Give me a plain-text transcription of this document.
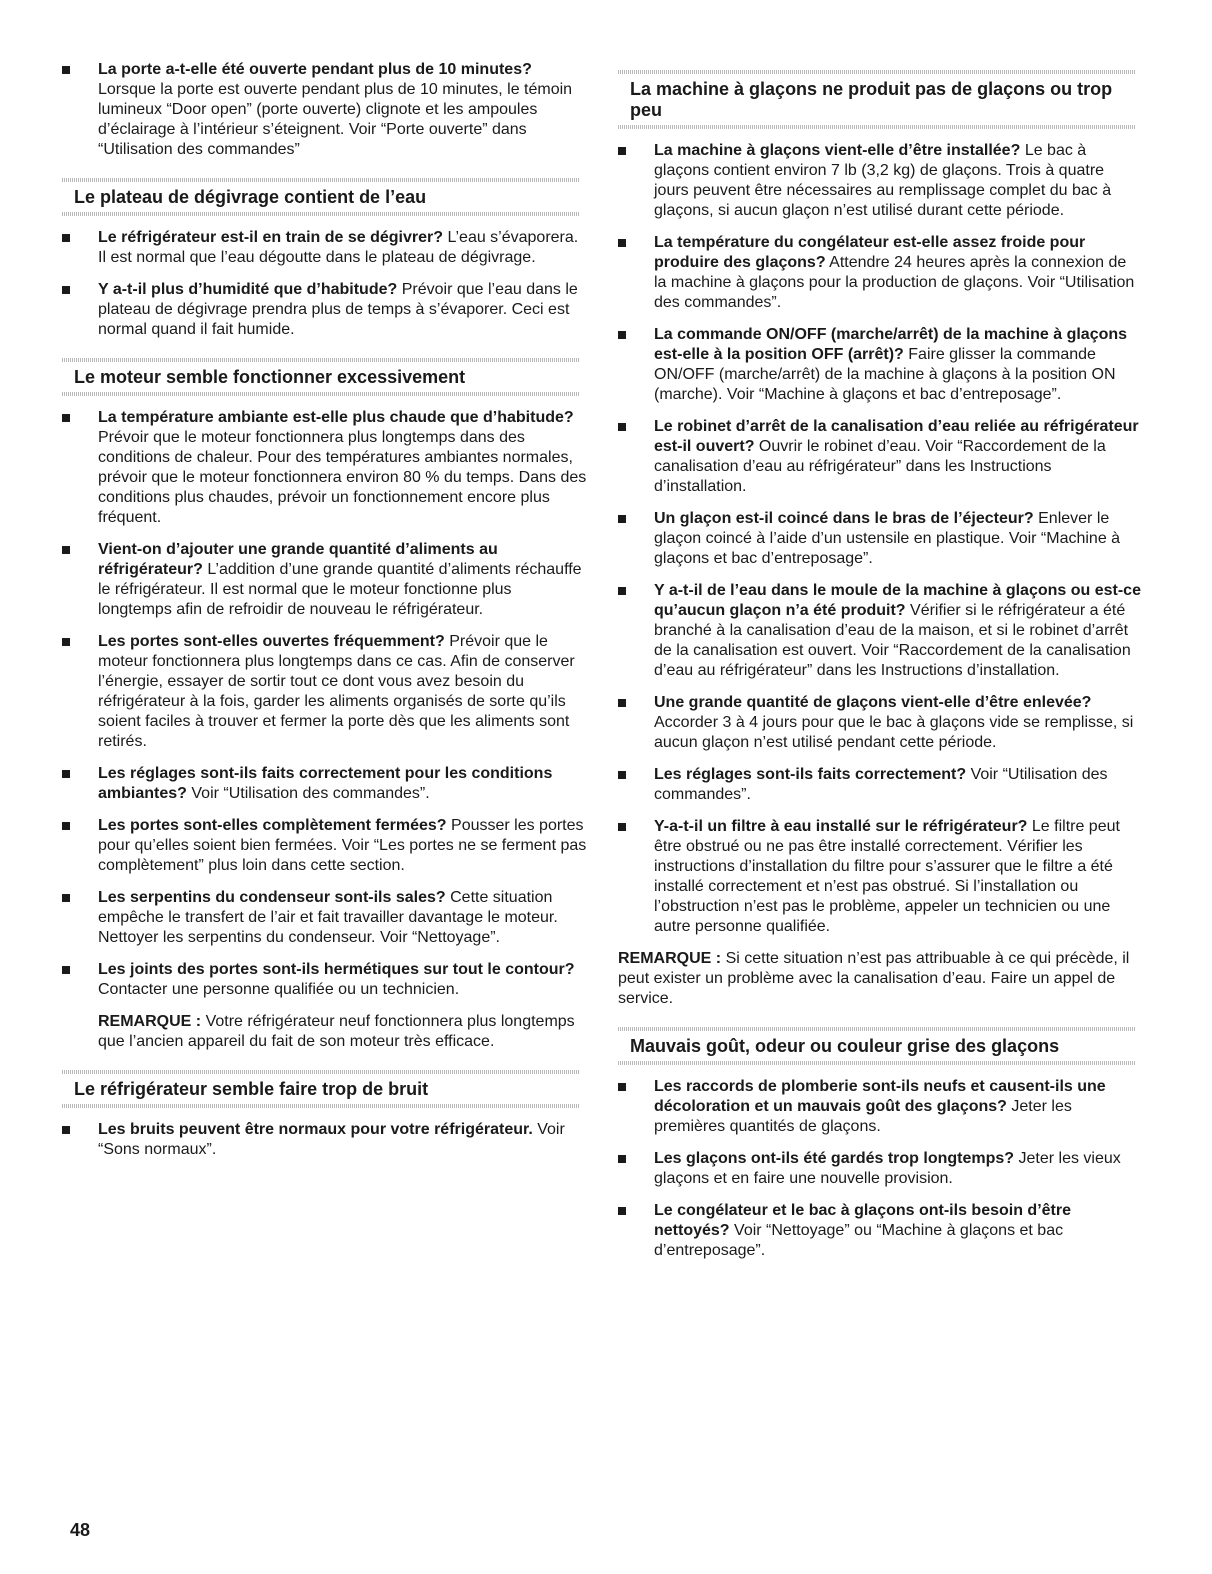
La porte a-t-elle été ouverte pendant plus de 10 minutes? Lorsque la porte est ouverte pendant plus de 10 minutes, le témoin lumineux “Door open” (porte ouverte) clignote et les ampoules d’éclairage à l’intérieur s’éteignent. Voir “Porte ouverte” dans “Utilisation des commandes”
Le plateau de dégivrage contient de l’eau
Le réfrigérateur est-il en train de se dégivrer? L’eau s’évaporera. Il est normal que l’eau dégoutte dans le plateau de dégivrage.
Y a-t-il plus d’humidité que d’habitude? Prévoir que l’eau dans le plateau de dégivrage prendra plus de temps à s’évaporer. Ceci est normal quand il fait humide.
Le moteur semble fonctionner excessivement
La température ambiante est-elle plus chaude que d’habitude? Prévoir que le moteur fonctionnera plus longtemps dans des conditions de chaleur. Pour des températures ambiantes normales, prévoir que le moteur fonctionnera environ 80 % du temps. Dans des conditions plus chaudes, prévoir un fonctionnement encore plus fréquent.
Vient-on d’ajouter une grande quantité d’aliments au réfrigérateur? L’addition d’une grande quantité d’aliments réchauffe le réfrigérateur. Il est normal que le moteur fonctionne plus longtemps afin de refroidir de nouveau le réfrigérateur.
Les portes sont-elles ouvertes fréquemment? Prévoir que le moteur fonctionnera plus longtemps dans ce cas. Afin de conserver l’énergie, essayer de sortir tout ce dont vous avez besoin du réfrigérateur à la fois, garder les aliments organisés de sorte qu’ils soient faciles à trouver et fermer la porte dès que les aliments sont retirés.
Les réglages sont-ils faits correctement pour les conditions ambiantes? Voir “Utilisation des commandes”.
Les portes sont-elles complètement fermées? Pousser les portes pour qu’elles soient bien fermées. Voir “Les portes ne se ferment pas complètement” plus loin dans cette section.
Les serpentins du condenseur sont-ils sales? Cette situation empêche le transfert de l’air et fait travailler davantage le moteur. Nettoyer les serpentins du condenseur. Voir “Nettoyage”.
Les joints des portes sont-ils hermétiques sur tout le contour? Contacter une personne qualifiée ou un technicien.
REMARQUE : Votre réfrigérateur neuf fonctionnera plus longtemps que l’ancien appareil du fait de son moteur très efficace.
Le réfrigérateur semble faire trop de bruit
Les bruits peuvent être normaux pour votre réfrigérateur. Voir “Sons normaux”.
La machine à glaçons ne produit pas de glaçons ou trop peu
La machine à glaçons vient-elle d’être installée? Le bac à glaçons contient environ 7 lb (3,2 kg) de glaçons. Trois à quatre jours peuvent être nécessaires au remplissage complet du bac à glaçons, si aucun glaçon n’est utilisé durant cette période.
La température du congélateur est-elle assez froide pour produire des glaçons? Attendre 24 heures après la connexion de la machine à glaçons pour la production de glaçons. Voir “Utilisation des commandes”.
La commande ON/OFF (marche/arrêt) de la machine à glaçons est-elle à la position OFF (arrêt)? Faire glisser la commande ON/OFF (marche/arrêt) de la machine à glaçons à la position ON (marche). Voir “Machine à glaçons et bac d’entreposage”.
Le robinet d’arrêt de la canalisation d’eau reliée au réfrigérateur est-il ouvert? Ouvrir le robinet d’eau. Voir “Raccordement de la canalisation d’eau au réfrigérateur” dans les Instructions d’installation.
Un glaçon est-il coincé dans le bras de l’éjecteur? Enlever le glaçon coincé à l’aide d’un ustensile en plastique. Voir “Machine à glaçons et bac d’entreposage”.
Y a-t-il de l’eau dans le moule de la machine à glaçons ou est-ce qu’aucun glaçon n’a été produit? Vérifier si le réfrigérateur a été branché à la canalisation d’eau de la maison, et si le robinet d’arrêt de la canalisation est ouvert. Voir “Raccordement de la canalisation d’eau au réfrigérateur” dans les Instructions d’installation.
Une grande quantité de glaçons vient-elle d’être enlevée? Accorder 3 à 4 jours pour que le bac à glaçons vide se remplisse, si aucun glaçon n’est utilisé pendant cette période.
Les réglages sont-ils faits correctement? Voir “Utilisation des commandes”.
Y-a-t-il un filtre à eau installé sur le réfrigérateur? Le filtre peut être obstrué ou ne pas être installé correctement. Vérifier les instructions d’installation du filtre pour s’assurer que le filtre a été installé correctement et n’est pas obstrué. Si l’installation ou l’obstruction n’est pas le problème, appeler un technicien ou une autre personne qualifiée.
REMARQUE : Si cette situation n’est pas attribuable à ce qui précède, il peut exister un problème avec la canalisation d’eau. Faire un appel de service.
Mauvais goût, odeur ou couleur grise des glaçons
Les raccords de plomberie sont-ils neufs et causent-ils une décoloration et un mauvais goût des glaçons? Jeter les premières quantités de glaçons.
Les glaçons ont-ils été gardés trop longtemps? Jeter les vieux glaçons et en faire une nouvelle provision.
Le congélateur et le bac à glaçons ont-ils besoin d’être nettoyés? Voir “Nettoyage” ou “Machine à glaçons et bac d’entreposage”.
48
